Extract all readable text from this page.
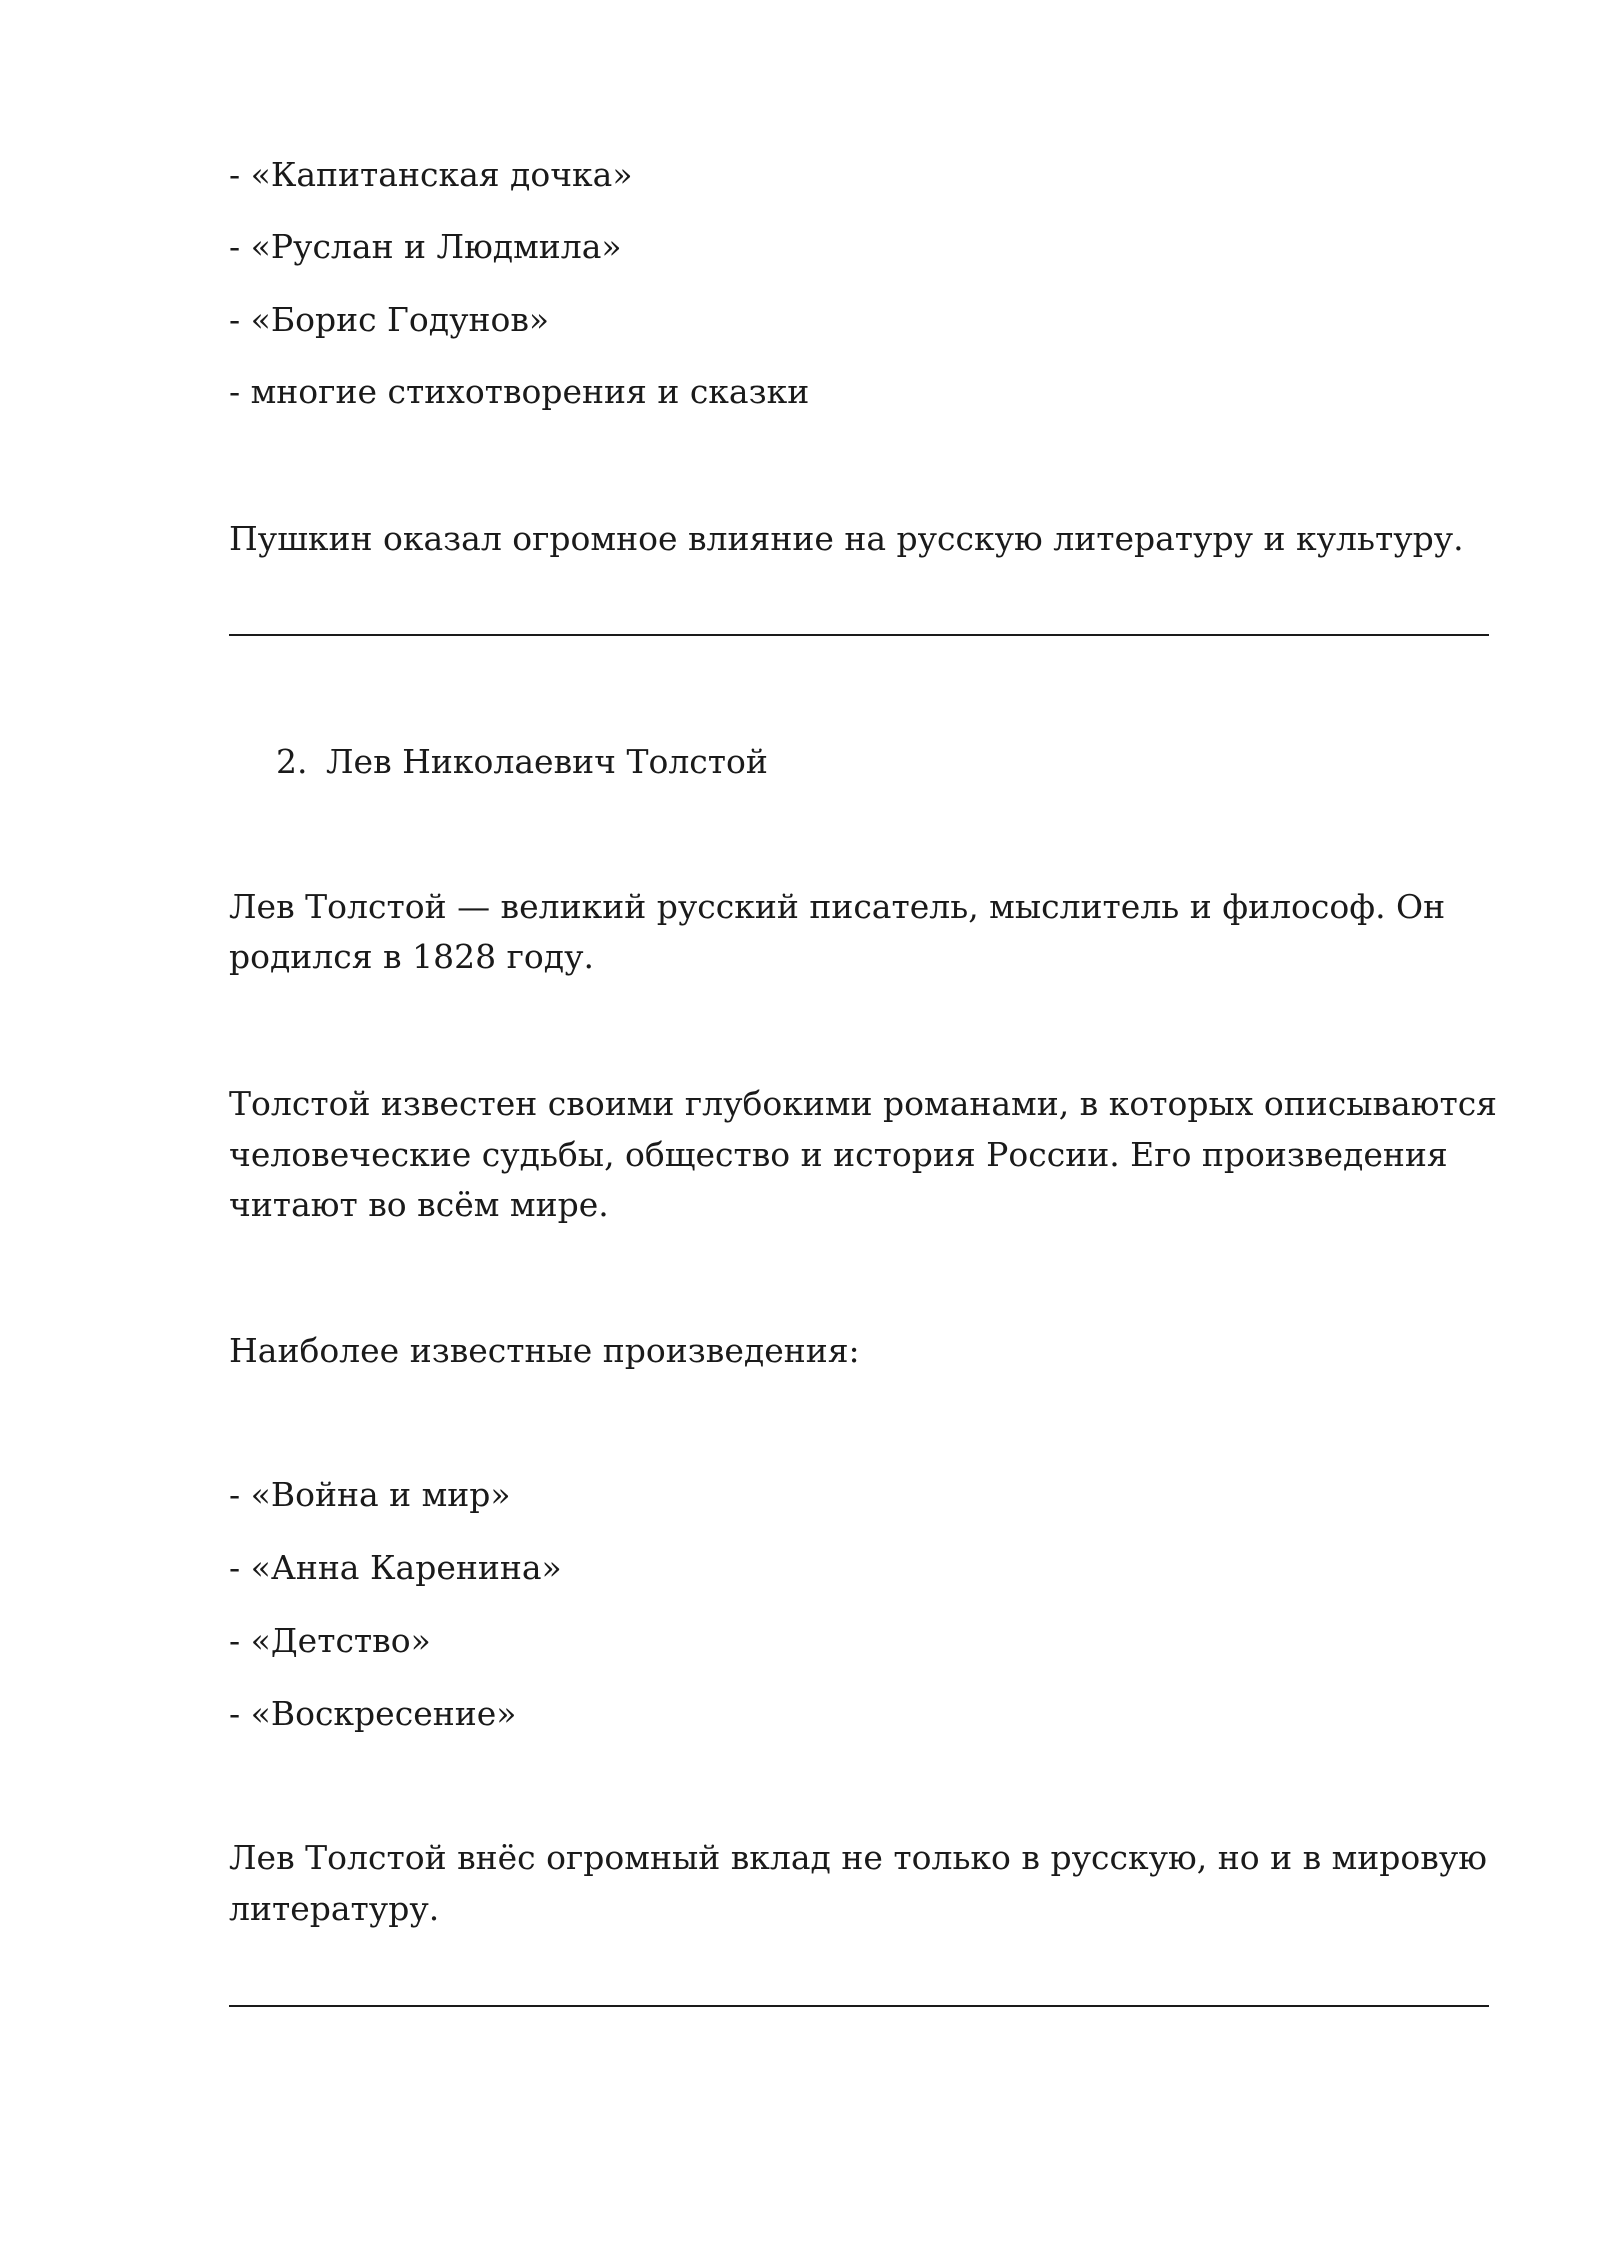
- «Капитанская дочка»

- «Руслан и Людмила»

- «Борис Годунов»

- многие стихотворения и сказки

Пушкин оказал огромное влияние на русскую литературу и культуру.

2. Лев Николаевич Толстой

Лев Толстой — великий русский писатель, мыслитель и философ. Он

родился в 1828 году.

Толстой известен своими глубокими романами, в которых описываются

человеческие судьбы, общество и история России. Его произведения

читают во всём мире.

Наиболее известные произведения:

- «Война и мир»

- «Анна Каренина»

- «Детство»

- «Воскресение»

Лев Толстой внёс огромный вклад не только в русскую, но и в мировую

литературу.
